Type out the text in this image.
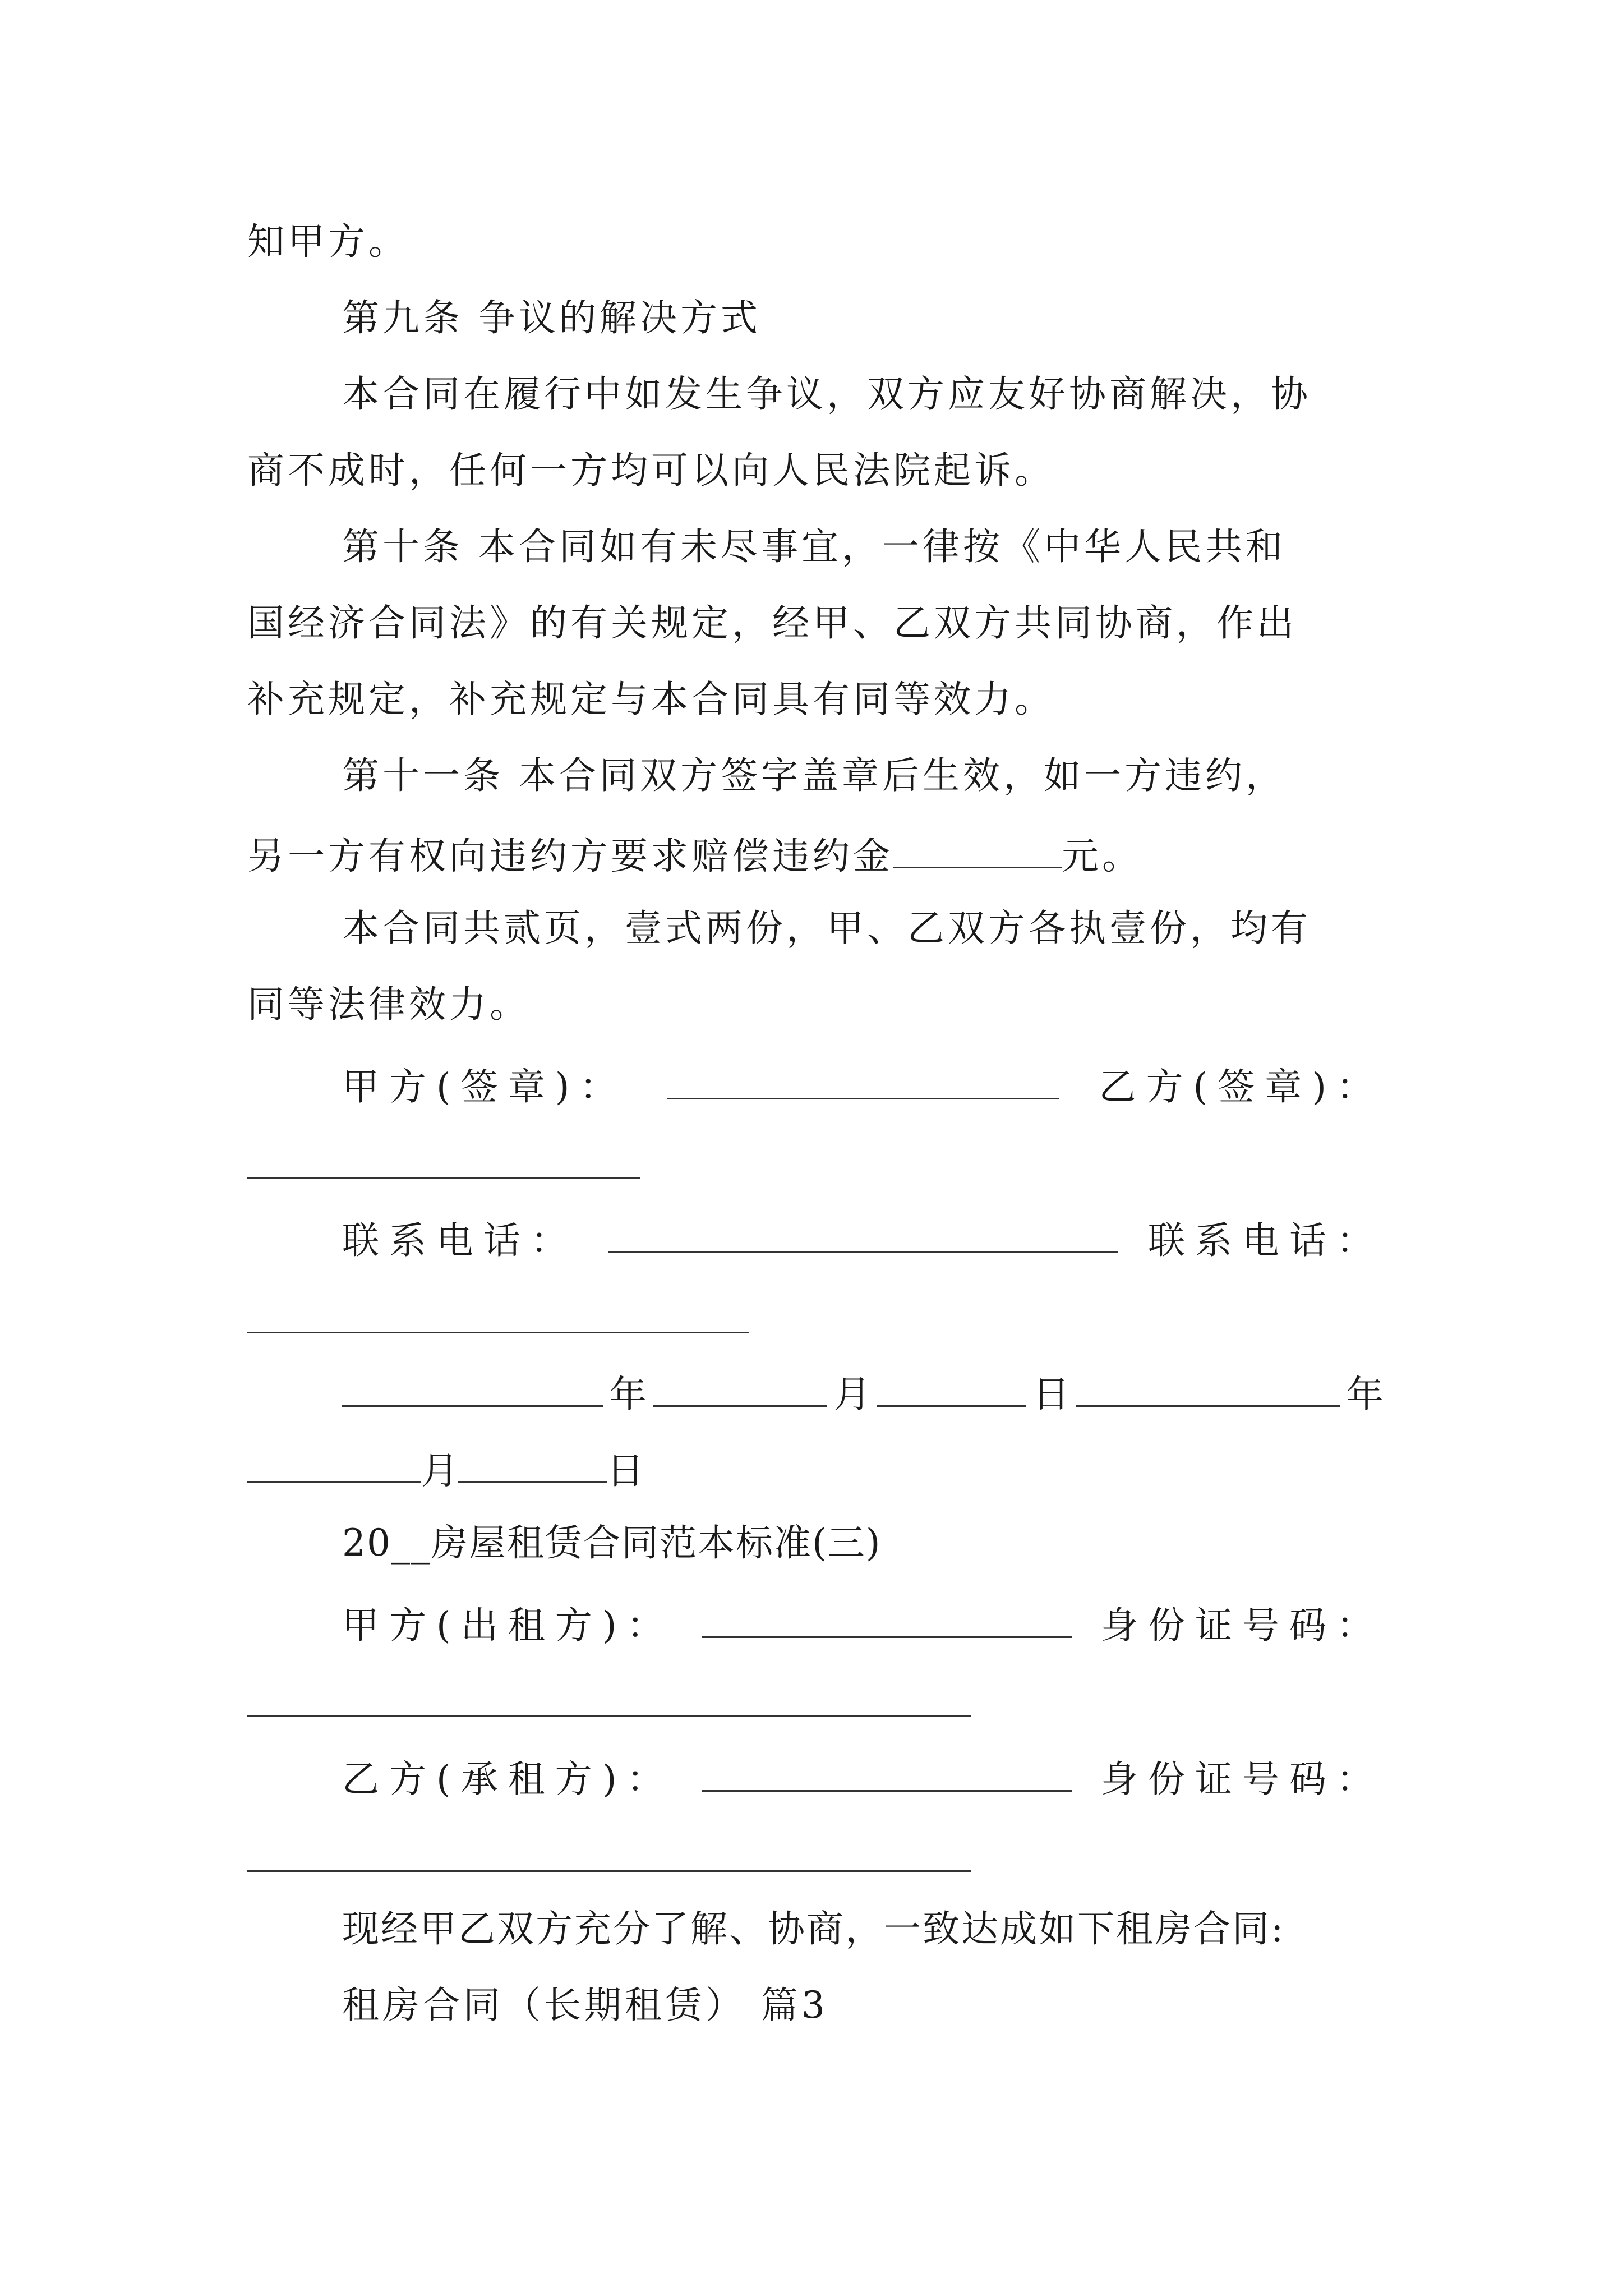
知甲方。
第九条 争议的解决方式
本合同在履行中如发生争议，双方应友好协商解决，协
商不成时，任何一方均可以向人民法院起诉。
第十条 本合同如有未尽事宜，一律按《中华人民共和
国经济合同法》的有关规定，经甲、乙双方共同协商，作出
补充规定，补充规定与本合同具有同等效力。
第十一条 本合同双方签字盖章后生效，如一方违约，
另一方有权向违约方要求赔偿违约金	元。
本合同共贰页，壹式两份，甲、乙双方各执壹份，均有
同等法律效力。
甲方(签章)：	乙方(签章)：
联系电话：	联系电话：
年	月	日	年
月	日
20__房屋租赁合同范本标准(三)
甲方(出租方)：	身份证号码：
乙方(承租方)：	身份证号码：
现经甲乙双方充分了解、协商，一致达成如下租房合同:
租房合同（长期租赁） 篇3
